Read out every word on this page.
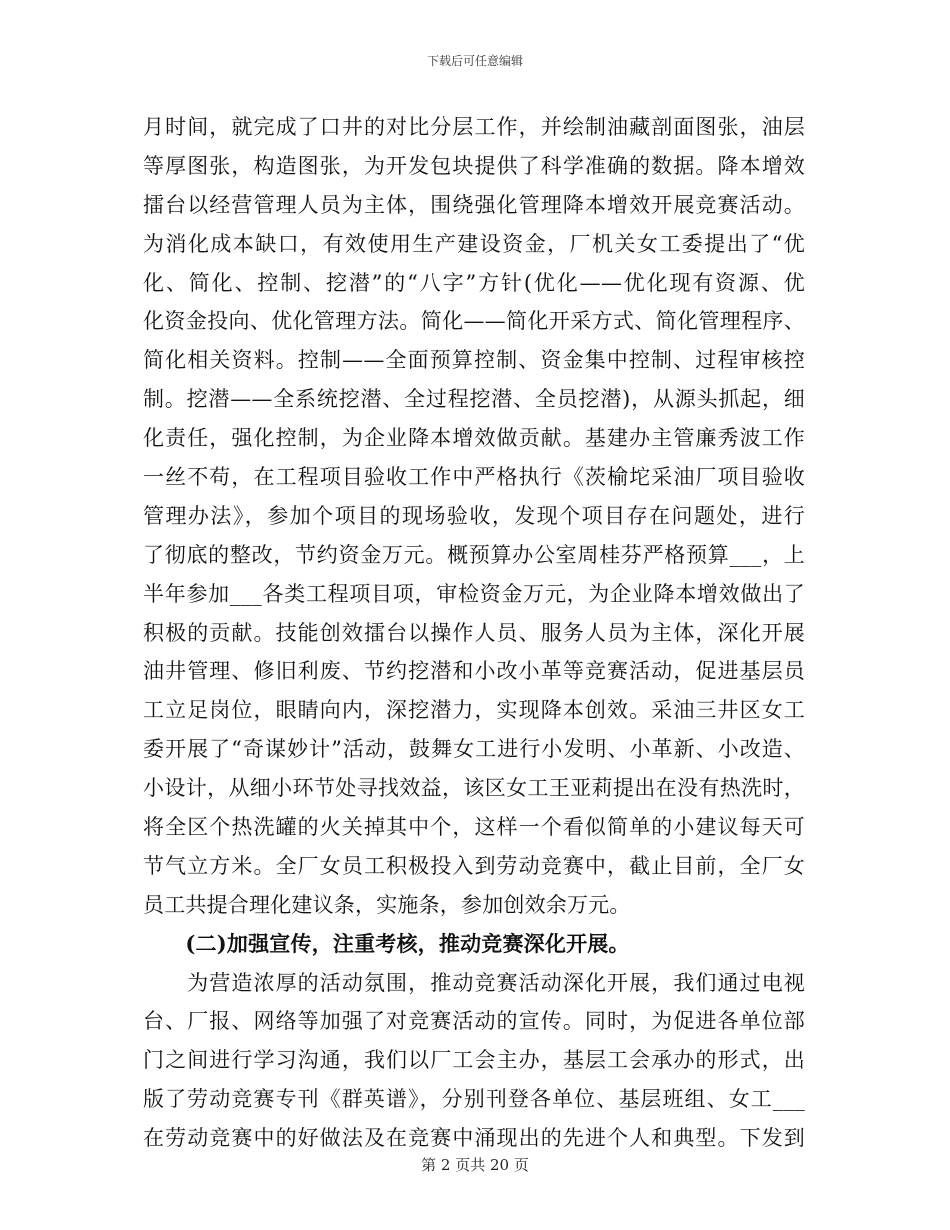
下载后可任意编辑
月时间，就完成了口井的对比分层工作，并绘制油藏剖面图张，油层
等厚图张，构造图张，为开发包块提供了科学准确的数据。降本增效
擂台以经营管理人员为主体，围绕强化管理降本增效开展竞赛活动。
为消化成本缺口，有效使用生产建设资金，厂机关女工委提出了“优
化、简化、控制、挖潜”的“八字”方针(优化——优化现有资源、优
化资金投向、优化管理方法。简化——简化开采方式、简化管理程序、
简化相关资料。控制——全面预算控制、资金集中控制、过程审核控
制。挖潜——全系统挖潜、全过程挖潜、全员挖潜)，从源头抓起，细
化责任，强化控制，为企业降本增效做贡献。基建办主管廉秀波工作
一丝不苟，在工程项目验收工作中严格执行《茨榆坨采油厂项目验收
管理办法》，参加个项目的现场验收，发现个项目存在问题处，进行
了彻底的整改，节约资金万元。概预算办公室周桂芬严格预算___，上
半年参加___各类工程项目项，审检资金万元，为企业降本增效做出了
积极的贡献。技能创效擂台以操作人员、服务人员为主体，深化开展
油井管理、修旧利废、节约挖潜和小改小革等竞赛活动，促进基层员
工立足岗位，眼睛向内，深挖潜力，实现降本创效。采油三井区女工
委开展了“奇谋妙计”活动，鼓舞女工进行小发明、小革新、小改造、
小设计，从细小环节处寻找效益，该区女工王亚莉提出在没有热洗时，
将全区个热洗罐的火关掉其中个，这样一个看似简单的小建议每天可
节气立方米。全厂女员工积极投入到劳动竞赛中，截止目前，全厂女
员工共提合理化建议条，实施条，参加创效余万元。
　　(二)加强宣传，注重考核，推动竞赛深化开展。
　　为营造浓厚的活动氛围，推动竞赛活动深化开展，我们通过电视
台、厂报、网络等加强了对竞赛活动的宣传。同时，为促进各单位部
门之间进行学习沟通，我们以厂工会主办，基层工会承办的形式，出
版了劳动竞赛专刊《群英谱》，分别刊登各单位、基层班组、女工___
在劳动竞赛中的好做法及在竞赛中涌现出的先进个人和典型。下发到
第 2 页共 20 页
